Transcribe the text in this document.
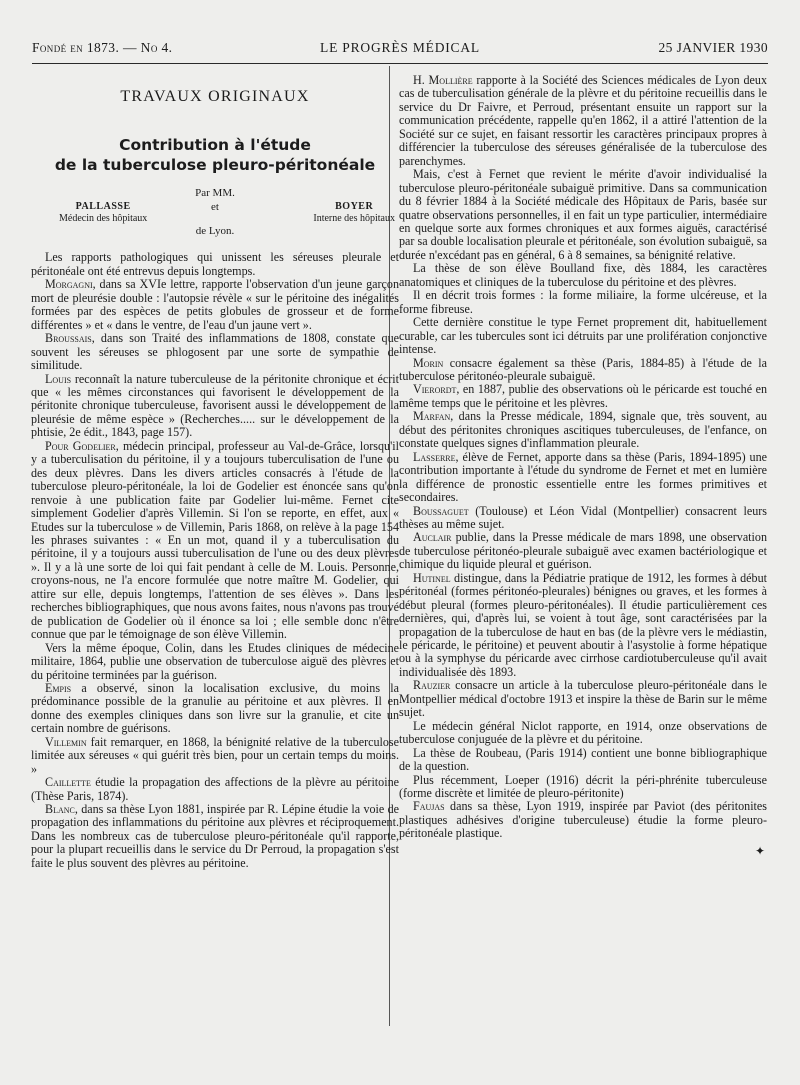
Fondé en 1873. — No 4.	LE PROGRÈS MÉDICAL	25 JANVIER 1930
TRAVAUX ORIGINAUX
Contribution à l'étude
de la tuberculose pleuro-péritonéale
Par MM.
PALLASSE
Médecin des hôpitaux
et	BOYER
Interne des hôpitaux
de Lyon.

Les rapports pathologiques qui unissent les séreuses pleurale et péritonéale ont été entrevus depuis longtemps.

Morgagni, dans sa XVIe lettre, rapporte l'observation d'un jeune garçon mort de pleurésie double : l'autopsie révèle « sur le péritoine des inégalités formées par des espèces de petits globules de grosseur et de forme différentes » et « dans le ventre, de l'eau d'un jaune vert ».

Broussais, dans son Traité des inflammations de 1808, constate que souvent les séreuses se phlogosent par une sorte de sympathie de similitude.

Louis reconnaît la nature tuberculeuse de la péritonite chronique et écrit que « les mêmes circonstances qui favorisent le développement de la péritonite chronique tuberculeuse, favorisent aussi le développement de la pleurésie de même espèce » (Recherches..... sur le développement de la phtisie, 2e édit., 1843, page 157).

Pour Godelier, médecin principal, professeur au Val-de-Grâce, lorsqu'il y a tuberculisation du péritoine, il y a toujours tuberculisation de l'une ou des deux plèvres. Dans les divers articles consacrés à l'étude de la tuberculose pleuro-péritonéale, la loi de Godelier est énoncée sans qu'on renvoie à une publication faite par Godelier lui-même. Fernet cite simplement Godelier d'après Villemin. Si l'on se reporte, en effet, aux « Etudes sur la tuberculose » de Villemin, Paris 1868, on relève à la page 154 les phrases suivantes : « En un mot, quand il y a tuberculisation du péritoine, il y a toujours aussi tuberculisation de l'une ou des deux plèvres ». Il y a là une sorte de loi qui fait pendant à celle de M. Louis. Personne, croyons-nous, ne l'a encore formulée que notre maître M. Godelier, qui attire sur elle, depuis longtemps, l'attention de ses élèves ». Dans les recherches bibliographiques, que nous avons faites, nous n'avons pas trouvé de publication de Godelier où il énonce sa loi ; elle semble donc n'être connue que par le témoignage de son élève Villemin.

Vers la même époque, Colin, dans les Etudes cliniques de médecine militaire, 1864, publie une observation de tuberculose aiguë des plèvres et du péritoine terminées par la guérison.

Empis a observé, sinon la localisation exclusive, du moins la prédominance possible de la granulie au péritoine et aux plèvres. Il en donne des exemples cliniques dans son livre sur la granulie, et cite un certain nombre de guérisons.

Villemin fait remarquer, en 1868, la bénignité relative de la tuberculose limitée aux séreuses « qui guérit très bien, pour un certain temps du moins. »

Caillette étudie la propagation des affections de la plèvre au péritoine (Thèse Paris, 1874).

Blanc, dans sa thèse Lyon 1881, inspirée par R. Lépine étudie la voie de propagation des inflammations du péritoine aux plèvres et réciproquement. Dans les nombreux cas de tuberculose pleuro-péritonéale qu'il rapporte, pour la plupart recueillis dans le service du Dr Perroud, la propagation s'est faite le plus souvent des plèvres au péritoine.

H. Mollière rapporte à la Société des Sciences médicales de Lyon deux cas de tuberculisation générale de la plèvre et du péritoine recueillis dans le service du Dr Faivre, et Perroud, présentant ensuite un rapport sur la communication précédente, rappelle qu'en 1862, il a attiré l'attention de la Société sur ce sujet, en faisant ressortir les caractères principaux propres à différencier la tuberculose des séreuses généralisée de la tuberculose des parenchymes.

Mais, c'est à Fernet que revient le mérite d'avoir individualisé la tuberculose pleuro-péritonéale subaiguë primitive. Dans sa communication du 8 février 1884 à la Société médicale des Hôpitaux de Paris, basée sur quatre observations personnelles, il en fait un type particulier, intermédiaire en quelque sorte aux formes chroniques et aux formes aiguës, caractérisé par sa double localisation pleurale et péritonéale, son évolution subaiguë, sa durée n'excédant pas en général, 6 à 8 semaines, sa bénignité relative.

La thèse de son élève Boulland fixe, dès 1884, les caractères anatomiques et cliniques de la tuberculose du péritoine et des plèvres.

Il en décrit trois formes : la forme miliaire, la forme ulcéreuse, et la forme fibreuse.

Cette dernière constitue le type Fernet proprement dit, habituellement curable, car les tubercules sont ici détruits par une prolifération conjonctive intense.

Morin consacre également sa thèse (Paris, 1884-85) à l'étude de la tuberculose péritonéo-pleurale subaiguë.

Vierordt, en 1887, publie des observations où le péricarde est touché en même temps que le péritoine et les plèvres.

Marfan, dans la Presse médicale, 1894, signale que, très souvent, au début des péritonites chroniques ascitiques tuberculeuses, de l'enfance, on constate quelques signes d'inflammation pleurale.

Lasserre, élève de Fernet, apporte dans sa thèse (Paris, 1894-1895) une contribution importante à l'étude du syndrome de Fernet et met en lumière la différence de pronostic essentielle entre les formes primitives et secondaires.

Boussaguet (Toulouse) et Léon Vidal (Montpellier) consacrent leurs thèses au même sujet.

Auclair publie, dans la Presse médicale de mars 1898, une observation de tuberculose péritonéo-pleurale subaiguë avec examen bactériologique et chimique du liquide pleural et guérison.

Hutinel distingue, dans la Pédiatrie pratique de 1912, les formes à début péritonéal (formes péritonéo-pleurales) bénignes ou graves, et les formes à début pleural (formes pleuro-péritonéales). Il étudie particulièrement ces dernières, qui, d'après lui, se voient à tout âge, sont caractérisées par la propagation de la tuberculose de haut en bas (de la plèvre vers le médiastin, le péricarde, le péritoine) et peuvent aboutir à l'asystolie à forme hépatique ou à la symphyse du péricarde avec cirrhose cardiotuberculeuse qu'il avait individualisée dès 1893.

Rauzier consacre un article à la tuberculose pleuro-péritonéale dans le Montpellier médical d'octobre 1913 et inspire la thèse de Barin sur le même sujet.

Le médecin général Niclot rapporte, en 1914, onze observations de tuberculose conjuguée de la plèvre et du péritoine.

La thèse de Roubeau, (Paris 1914) contient une bonne bibliographique de la question.

Plus récemment, Loeper (1916) décrit la péri-phrénite tuberculeuse (forme discrète et limitée de pleuro-péritonite)

Faujas dans sa thèse, Lyon 1919, inspirée par Paviot (des péritonites plastiques adhésives d'origine tuberculeuse) étudie la forme pleuro-péritonéale plastique.

✦
